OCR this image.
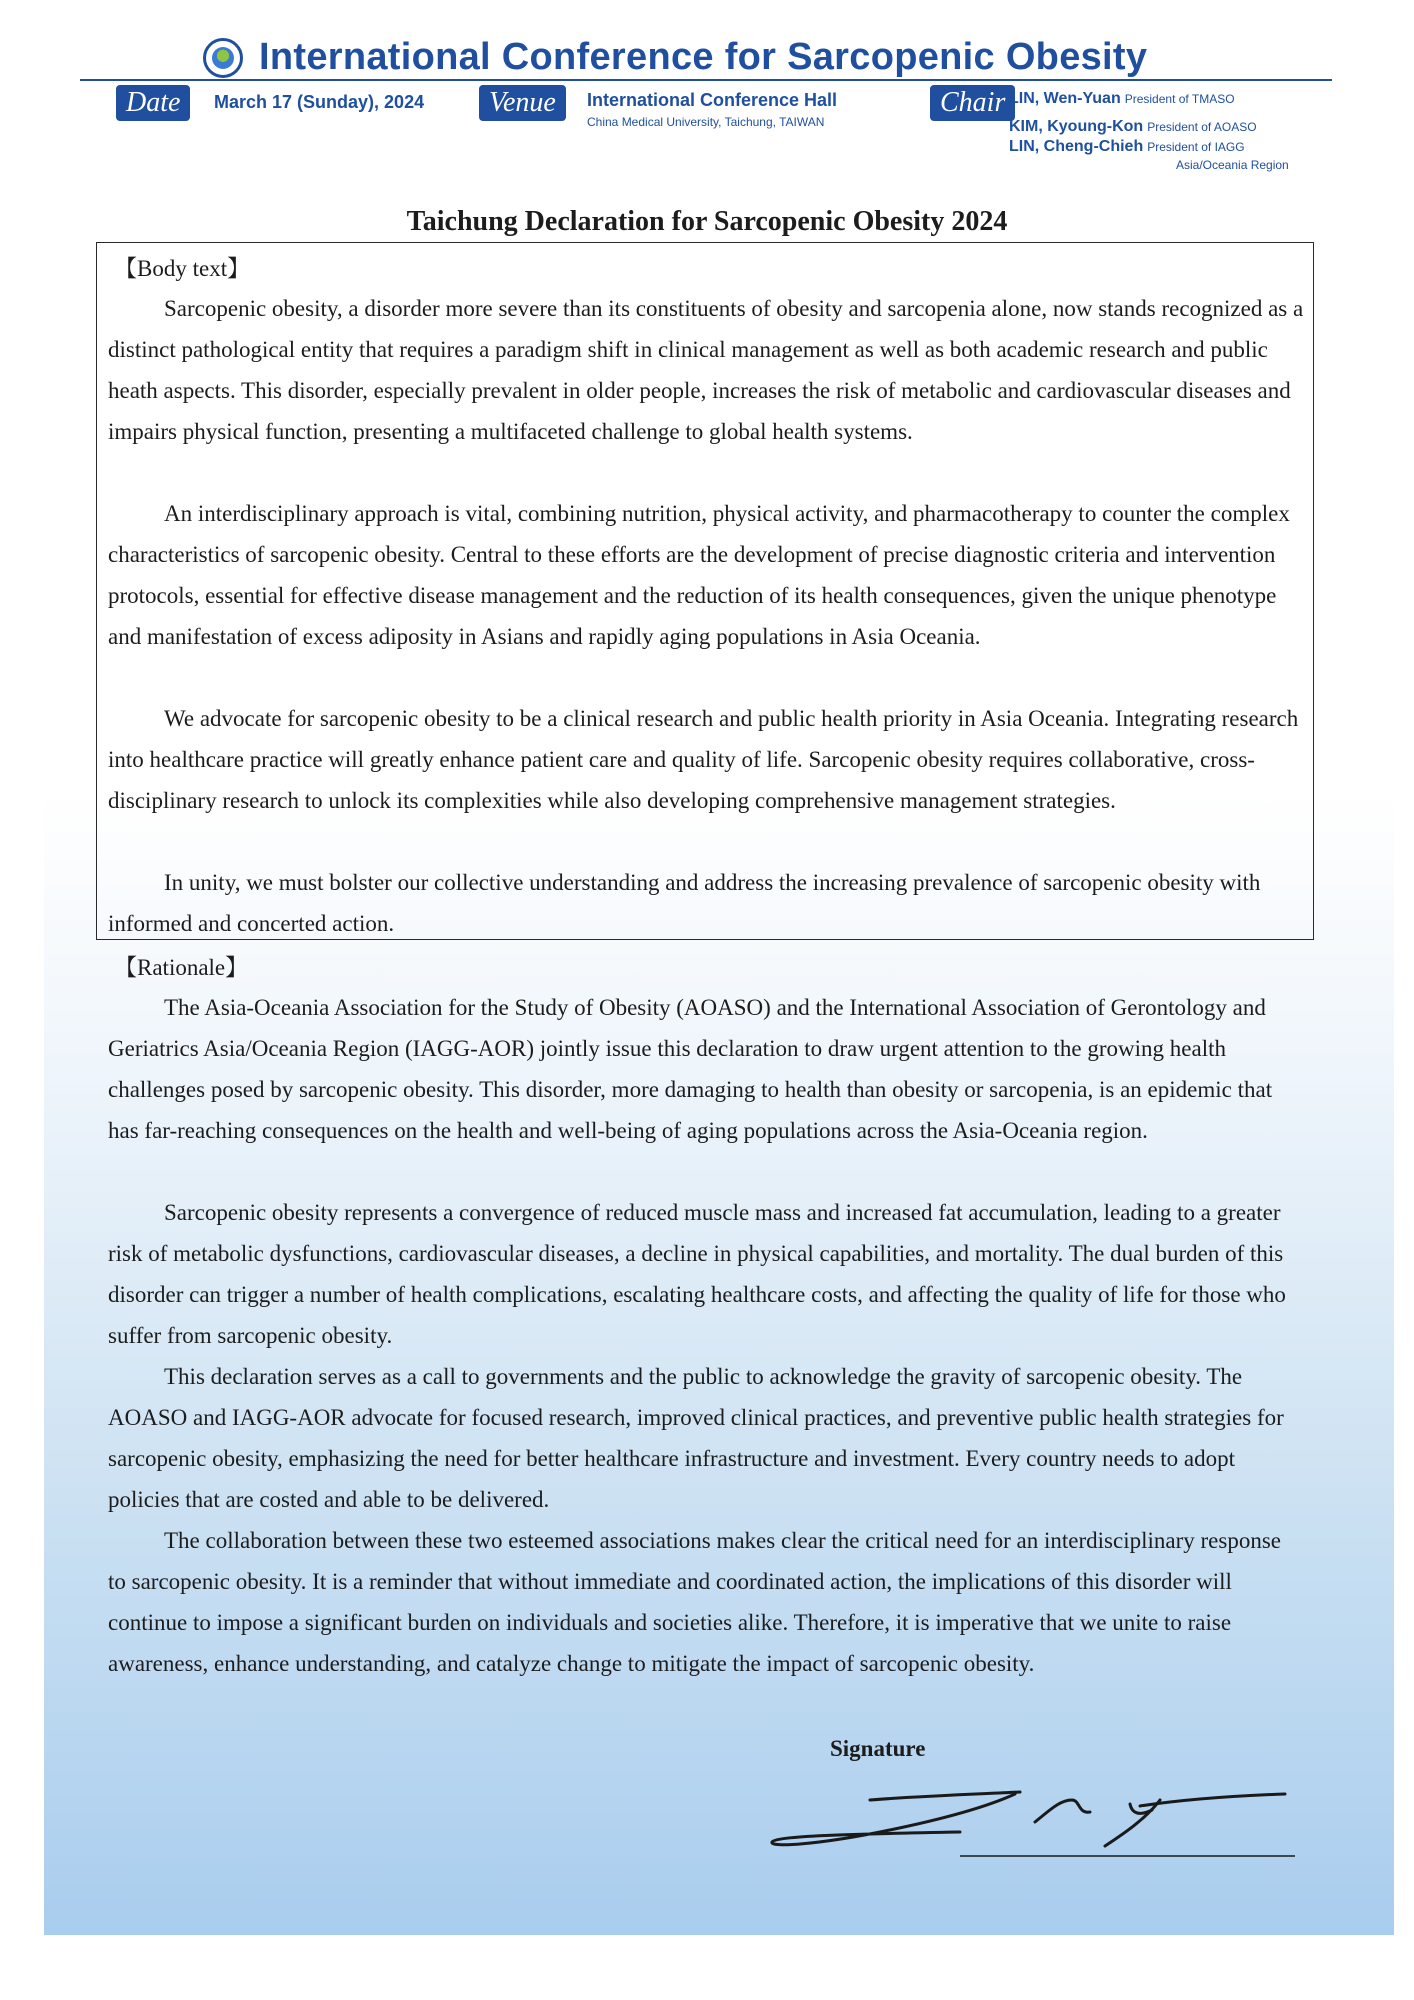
International Conference for Sarcopenic Obesity
Date	March 17 (Sunday), 2024	Venue	International Conference Hall
China Medical University, Taichung, TAIWAN
Chair LIN, Wen-Yuan President of TMASO
KIM, Kyoung-Kon President of AOASO
LIN, Cheng-Chieh President of IAGG
Asia/Oceania Region
Taichung Declaration for Sarcopenic Obesity 2024
【Body text】

Sarcopenic obesity, a disorder more severe than its constituents of obesity and sarcopenia alone, now stands recognized as a distinct pathological entity that requires a paradigm shift in clinical management as well as both academic research and public heath aspects. This disorder, especially prevalent in older people, increases the risk of metabolic and cardiovascular diseases and impairs physical function, presenting a multifaceted challenge to global health systems.

An interdisciplinary approach is vital, combining nutrition, physical activity, and pharmacotherapy to counter the complex characteristics of sarcopenic obesity. Central to these efforts are the development of precise diagnostic criteria and intervention protocols, essential for effective disease management and the reduction of its health consequences, given the unique phenotype and manifestation of excess adiposity in Asians and rapidly aging populations in Asia Oceania.

We advocate for sarcopenic obesity to be a clinical research and public health priority in Asia Oceania. Integrating research into healthcare practice will greatly enhance patient care and quality of life. Sarcopenic obesity requires collaborative, cross-disciplinary research to unlock its complexities while also developing comprehensive management strategies.

In unity, we must bolster our collective understanding and address the increasing prevalence of sarcopenic obesity with informed and concerted action.

【Rationale】

The Asia-Oceania Association for the Study of Obesity (AOASO) and the International Association of Gerontology and Geriatrics Asia/Oceania Region (IAGG-AOR) jointly issue this declaration to draw urgent attention to the growing health challenges posed by sarcopenic obesity. This disorder, more damaging to health than obesity or sarcopenia, is an epidemic that has far-reaching consequences on the health and well-being of aging populations across the Asia-Oceania region.

Sarcopenic obesity represents a convergence of reduced muscle mass and increased fat accumulation, leading to a greater risk of metabolic dysfunctions, cardiovascular diseases, a decline in physical capabilities, and mortality. The dual burden of this disorder can trigger a number of health complications, escalating healthcare costs, and affecting the quality of life for those who suffer from sarcopenic obesity.

This declaration serves as a call to governments and the public to acknowledge the gravity of sarcopenic obesity. The AOASO and IAGG-AOR advocate for focused research, improved clinical practices, and preventive public health strategies for sarcopenic obesity, emphasizing the need for better healthcare infrastructure and investment. Every country needs to adopt policies that are costed and able to be delivered.

The collaboration between these two esteemed associations makes clear the critical need for an interdisciplinary response to sarcopenic obesity. It is a reminder that without immediate and coordinated action, the implications of this disorder will continue to impose a significant burden on individuals and societies alike. Therefore, it is imperative that we unite to raise awareness, enhance understanding, and catalyze change to mitigate the impact of sarcopenic obesity.

Signature
